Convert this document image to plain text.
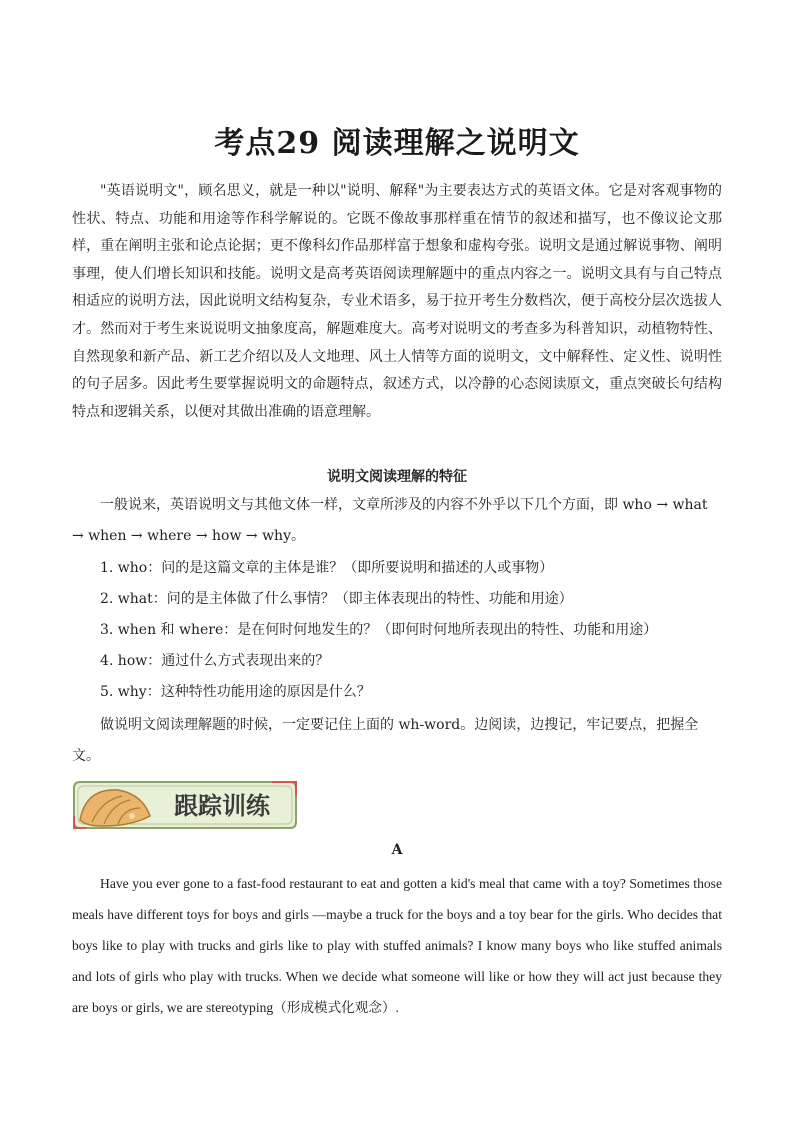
考点29 阅读理解之说明文

"英语说明文"，顾名思义，就是一种以"说明、解释"为主要表达方式的英语文体。它是对客观事物的性状、特点、功能和用途等作科学解说的。它既不像故事那样重在情节的叙述和描写，也不像议论文那样，重在阐明主张和论点论据；更不像科幻作品那样富于想象和虚构夸张。说明文是通过解说事物、阐明事理，使人们增长知识和技能。说明文是高考英语阅读理解题中的重点内容之一。说明文具有与自己特点相适应的说明方法，因此说明文结构复杂，专业术语多，易于拉开考生分数档次，便于高校分层次选拔人才。然而对于考生来说说明文抽象度高，解题难度大。高考对说明文的考查多为科普知识，动植物特性、自然现象和新产品、新工艺介绍以及人文地理、风土人情等方面的说明文，文中解释性、定义性、说明性的句子居多。因此考生要掌握说明文的命题特点，叙述方式，以冷静的心态阅读原文，重点突破长句结构特点和逻辑关系，以便对其做出准确的语意理解。

说明文阅读理解的特征

一般说来，英语说明文与其他文体一样，文章所涉及的内容不外乎以下几个方面，即 who → what → when → where → how → why。

1. who：问的是这篇文章的主体是谁？（即所要说明和描述的人或事物）

2. what：问的是主体做了什么事情？（即主体表现出的特性、功能和用途）

3. when 和 where：是在何时何地发生的？（即何时何地所表现出的特性、功能和用途）

4. how：通过什么方式表现出来的？

5. why：这种特性功能用途的原因是什么？

做说明文阅读理解题的时候，一定要记住上面的 wh-word。边阅读，边搜记，牢记要点，把握全文。

跟踪训练
A

Have you ever gone to a fast-food restaurant to eat and gotten a kid's meal that came with a toy? Sometimes those meals have different toys for boys and girls —maybe a truck for the boys and a toy bear for the girls. Who decides that boys like to play with trucks and girls like to play with stuffed animals? I know many boys who like stuffed animals and lots of girls who play with trucks. When we decide what someone will like or how they will act just because they are boys or girls, we are stereotyping（形成模式化观念）.
